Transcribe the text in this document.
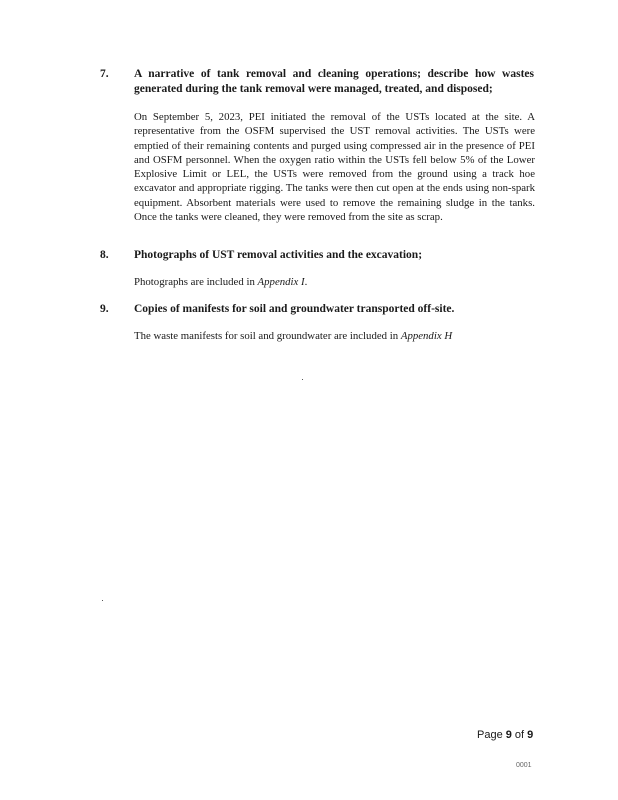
7. A narrative of tank removal and cleaning operations; describe how wastes generated during the tank removal were managed, treated, and disposed;
On September 5, 2023, PEI initiated the removal of the USTs located at the site. A representative from the OSFM supervised the UST removal activities. The USTs were emptied of their remaining contents and purged using compressed air in the presence of PEI and OSFM personnel. When the oxygen ratio within the USTs fell below 5% of the Lower Explosive Limit or LEL, the USTs were removed from the ground using a track hoe excavator and appropriate rigging. The tanks were then cut open at the ends using non-spark equipment. Absorbent materials were used to remove the remaining sludge in the tanks. Once the tanks were cleaned, they were removed from the site as scrap.
8. Photographs of UST removal activities and the excavation;
Photographs are included in Appendix I.
9. Copies of manifests for soil and groundwater transported off-site.
The waste manifests for soil and groundwater are included in Appendix H
Page 9 of 9
0001
